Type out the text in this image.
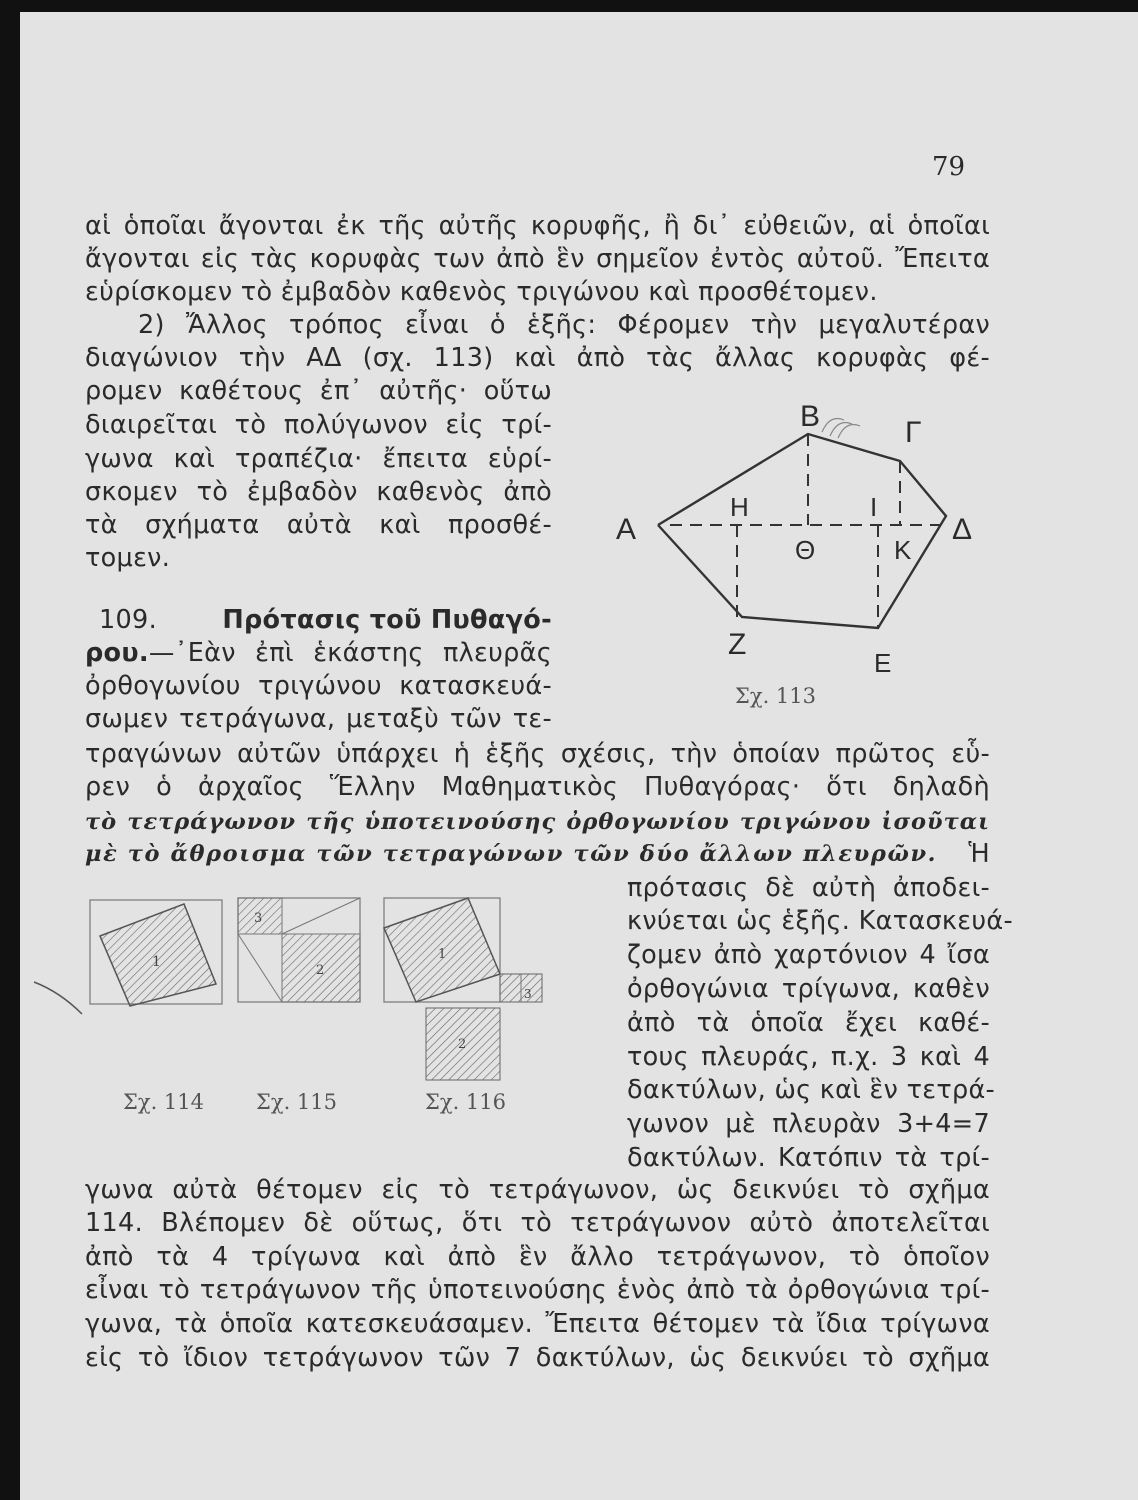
79
αἱ ὁποῖαι ἄγονται ἐκ τῆς αὐτῆς κορυφῆς, ἢ δι᾽ εὐθειῶν, αἱ ὁποῖαι
ἄγονται εἰς τὰς κορυφὰς των ἀπὸ ἓν σημεῖον ἐντὸς αὐτοῦ. Ἔπειτα
εὑρίσκομεν τὸ ἐμβαδὸν καθενὸς τριγώνου καὶ προσθέτομεν.
2) Ἄλλος τρόπος εἶναι ὁ ἑξῆς: Φέρομεν τὴν μεγαλυτέραν
διαγώνιον τὴν ΑΔ (σχ. 113) καὶ ἀπὸ τὰς ἄλλας κορυφὰς φέ-
ρομεν καθέτους ἐπ᾽ αὐτῆς· οὕτω
διαιρεῖται τὸ πολύγωνον εἰς τρί-
γωνα καὶ τραπέζια· ἔπειτα εὑρί-
σκομεν τὸ ἐμβαδὸν καθενὸς ἀπὸ
τὰ σχήματα αὐτὰ καὶ προσθέ-
τομεν.
109.	Πρότασις τοῦ Πυθαγό-
ρου. —᾽Εὰν ἐπὶ ἑκάστης πλευρᾶς
ὀρθογωνίου τριγώνου κατασκευά-
σωμεν τετράγωνα, μεταξὺ τῶν τε-
τραγώνων αὐτῶν ὑπάρχει ἡ ἑξῆς σχέσις, τὴν ὁποίαν πρῶτος εὗ-
ρεν ὁ ἀρχαῖος Ἕλλην Μαθηματικὸς Πυθαγόρας· ὅτι δηλαδὴ
τὸ τετράγωνον τῆς ὑποτεινούσης ὀρθογωνίου τριγώνου ἰσοῦται
μὲ τὸ ἄθροισμα τῶν τετραγώνων τῶν δύο ἄλλων πλευρῶν. Ἡ
πρότασις δὲ αὐτὴ ἀποδει-
κνύεται ὡς ἑξῆς. Κατασκευά-
ζομεν ἀπὸ χαρτόνιον 4 ἴσα
ὀρθογώνια τρίγωνα, καθὲν
ἀπὸ τὰ ὁποῖα ἔχει καθέ-
τους πλευράς, π.χ. 3 καὶ 4
δακτύλων, ὡς καὶ ἓν τετρά-
γωνον μὲ πλευρὰν 3+4=7
δακτύλων. Κατόπιν τὰ τρί-
γωνα αὐτὰ θέτομεν εἰς τὸ τετράγωνον, ὡς δεικνύει τὸ σχῆμα
114. Βλέπομεν δὲ οὕτως, ὅτι τὸ τετράγωνον αὐτὸ ἀποτελεῖται
ἀπὸ τὰ 4 τρίγωνα καὶ ἀπὸ ἓν ἄλλο τετράγωνον, τὸ ὁποῖον
εἶναι τὸ τετράγωνον τῆς ὑποτεινούσης ἑνὸς ἀπὸ τὰ ὀρθογώνια τρί-
γωνα, τὰ ὁποῖα κατεσκευάσαμεν. Ἔπειτα θέτομεν τὰ ἴδια τρίγωνα
εἰς τὸ ἴδιον τετράγωνον τῶν 7 δακτύλων, ὡς δεικνύει τὸ σχῆμα
Α
Β	Γ
Δ
Ε
Ζ
Η
Θ
Ι
Κ
Σχ. 113
1
Σχ. 114
3
2
Σχ. 115
1
3
2
Σχ. 116
